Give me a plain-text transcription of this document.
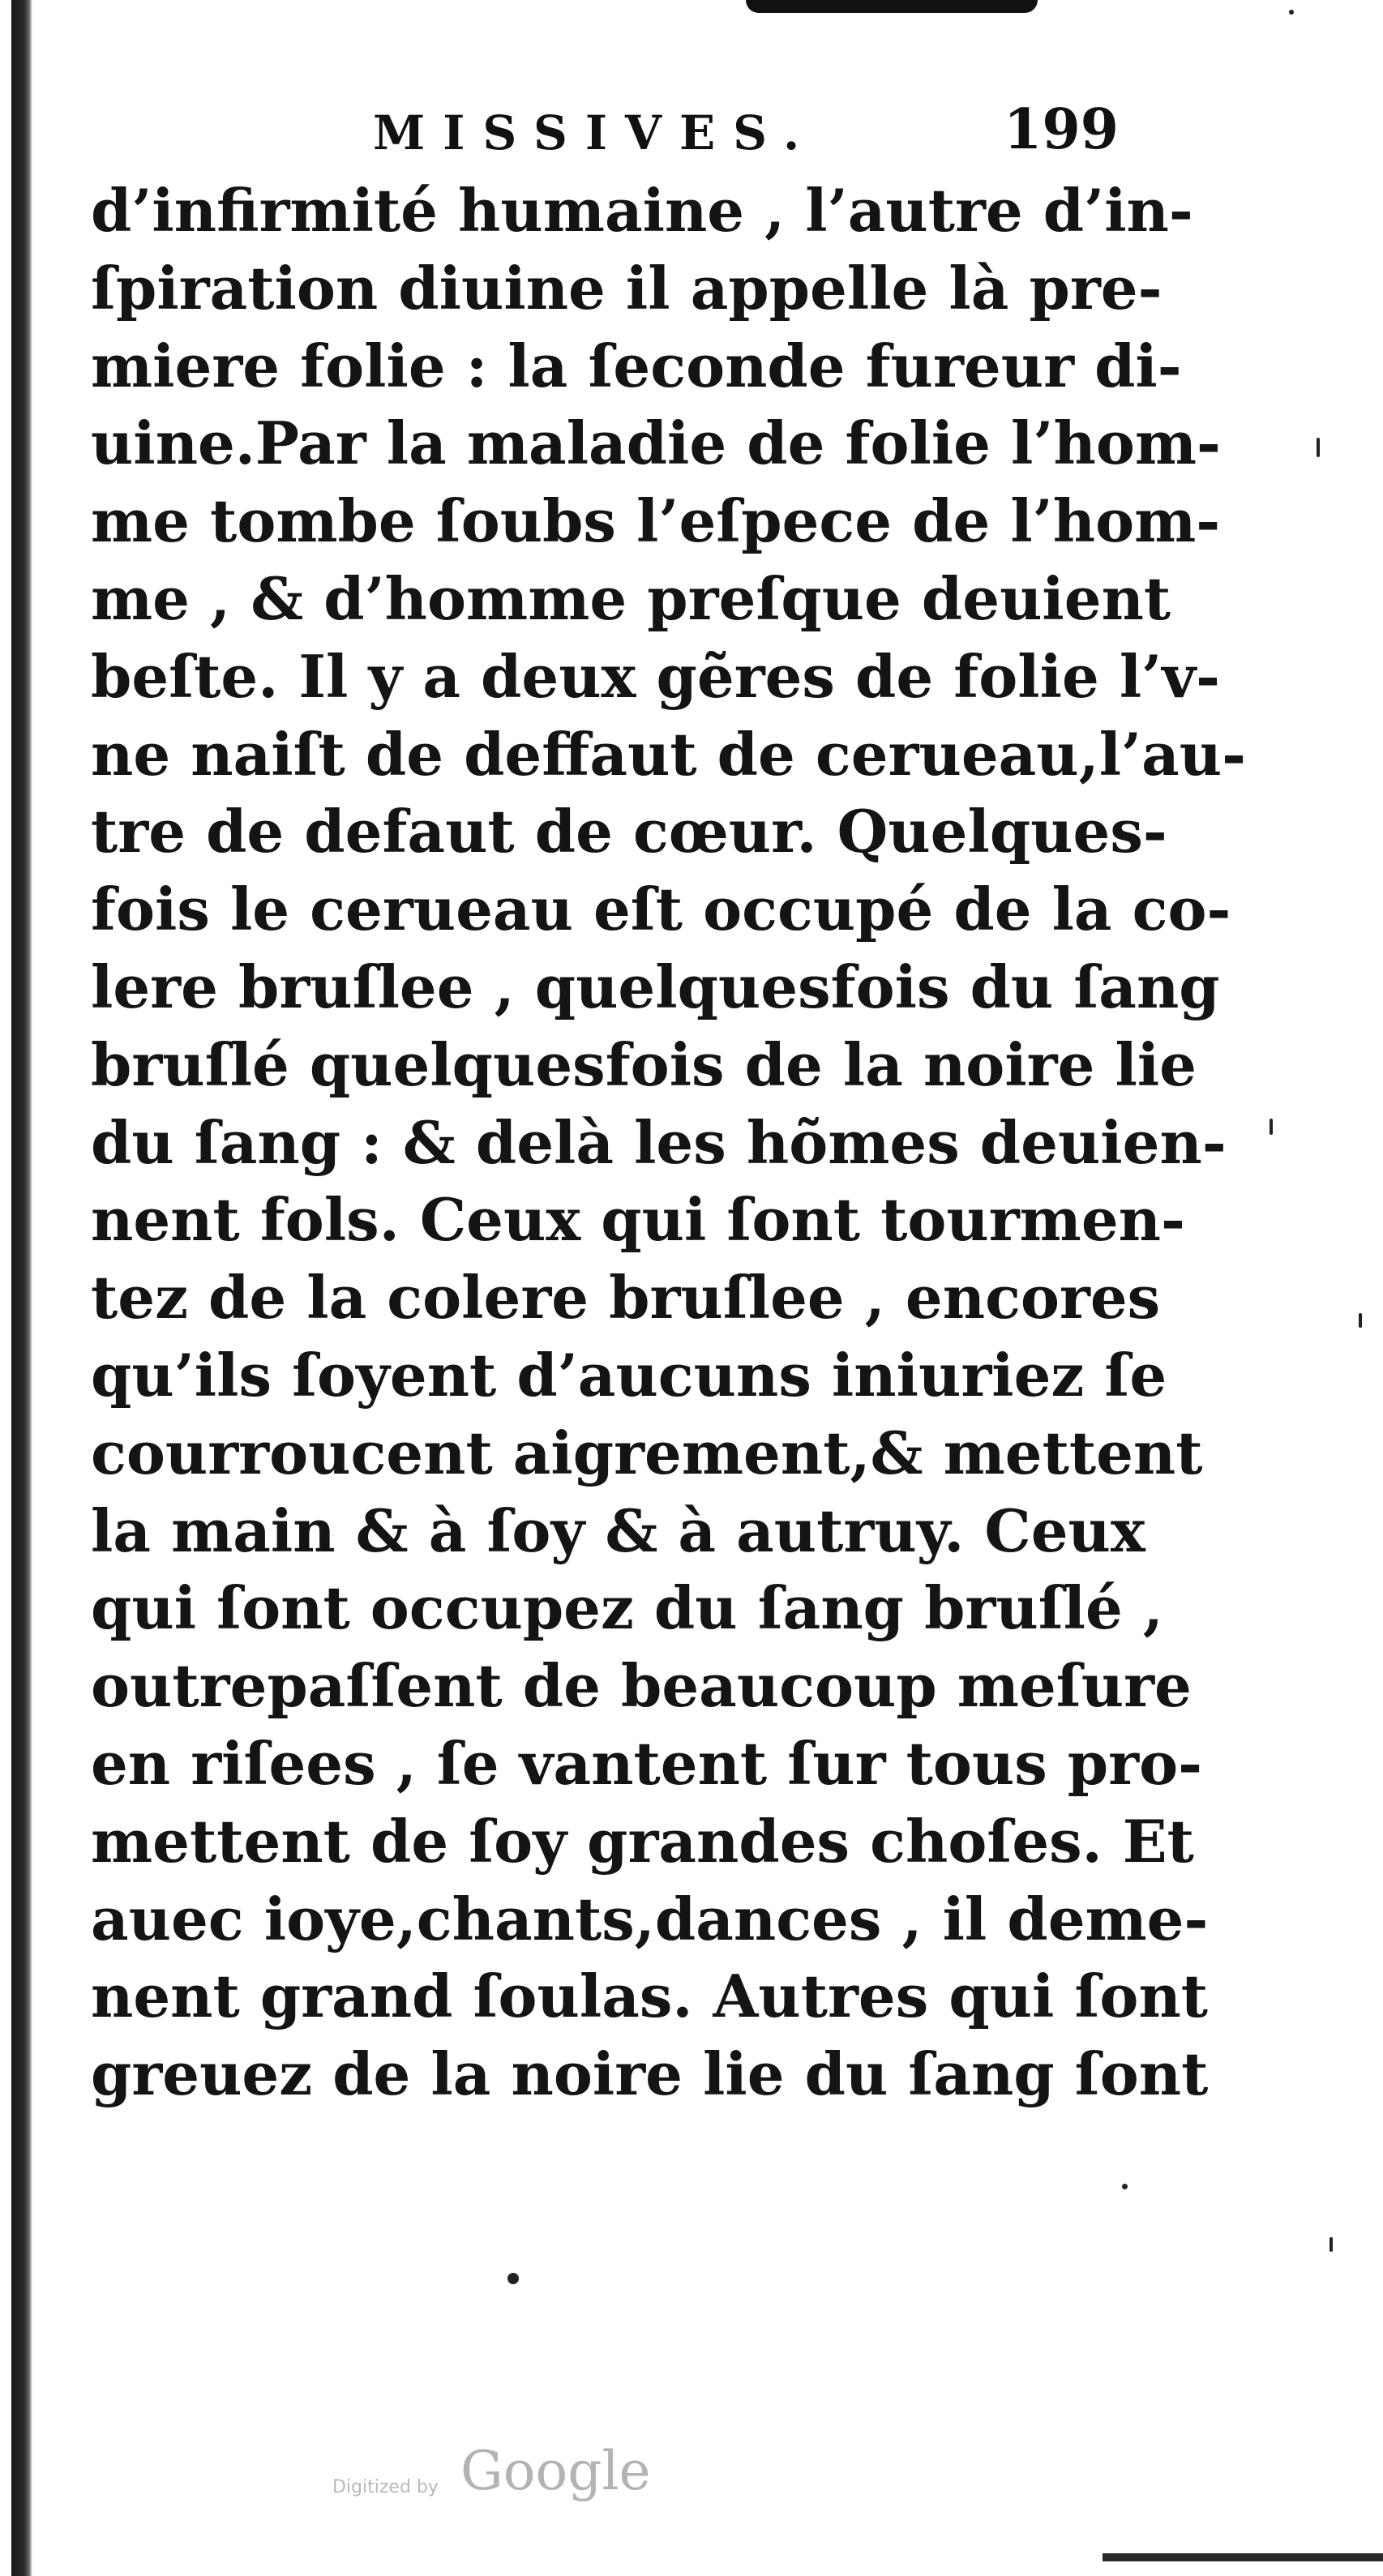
MISSIVES.	199
d’infirmité humaine , l’autre d’in-
ſpiration diuine il appelle là pre-
miere folie : la ſeconde fureur di-
uine.Par la maladie de folie l’hom-
me tombe ſoubs l’eſpece de l’hom-
me , & d’homme preſque deuient
beſte. Il y a deux gẽres de folie l’v-
ne naiſt de deffaut de cerueau,l’au-
tre de defaut de cœur. Quelques-
fois le cerueau eſt occupé de la co-
lere bruſlee , quelquesfois du ſang
bruſlé quelquesfois de la noire lie
du ſang : & delà les hõmes deuien-
nent fols. Ceux qui ſont tourmen-
tez de la colere bruſlee , encores
qu’ils ſoyent d’aucuns iniuriez ſe
courroucent aigrement,& mettent
la main & à ſoy & à autruy. Ceux
qui ſont occupez du ſang bruſlé ,
outrepaſſent de beaucoup meſure
en riſees , ſe vantent ſur tous pro-
mettent de ſoy grandes choſes. Et
auec ioye,chants,dances , il deme-
nent grand ſoulas. Autres qui ſont
greuez de la noire lie du ſang ſont
Digitized by Google
